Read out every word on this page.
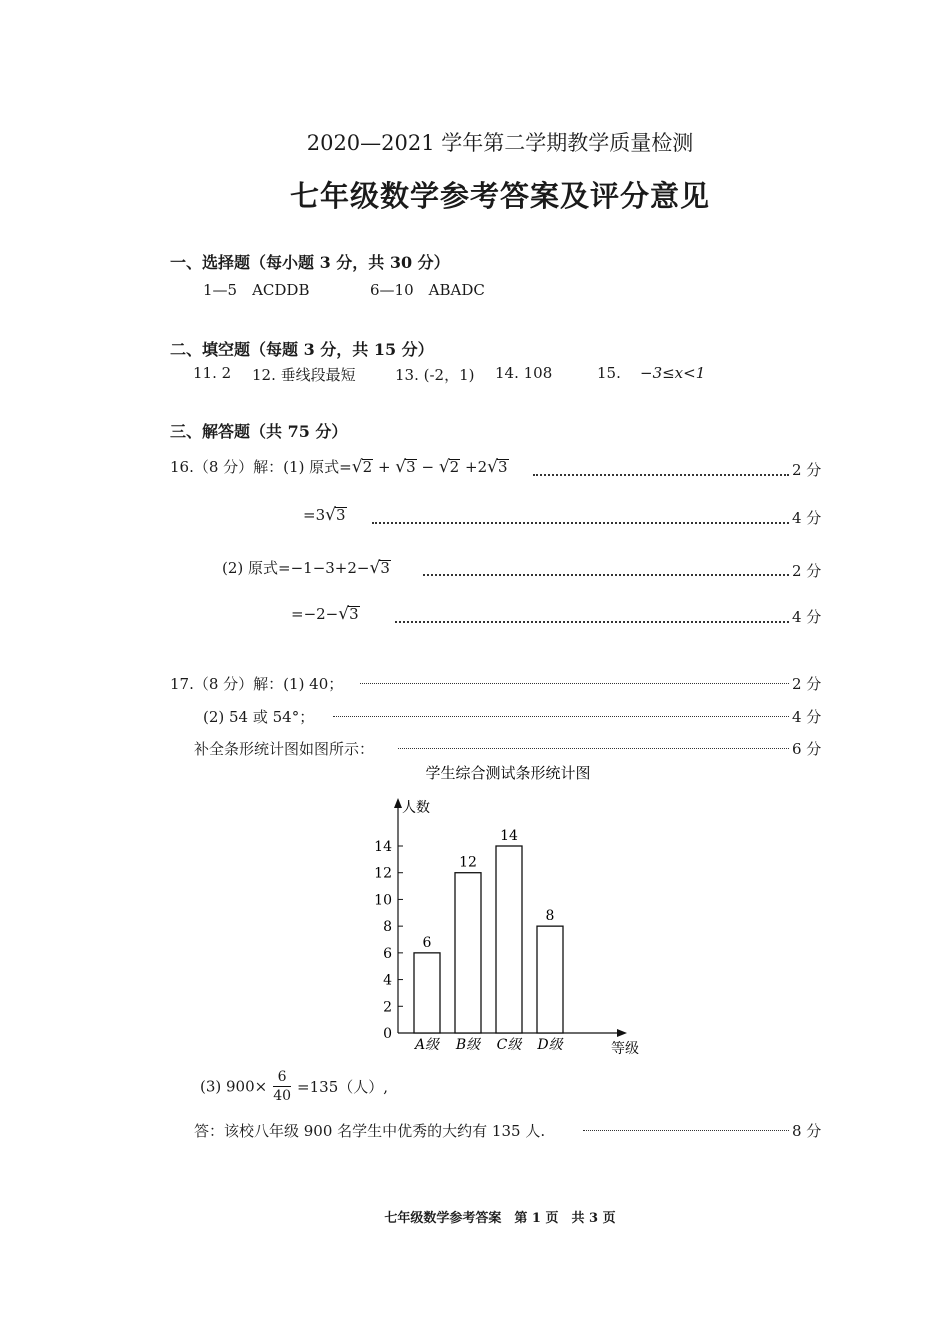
2020—2021 学年第二学期教学质量检测
七年级数学参考答案及评分意见
一、选择题（每小题 3 分，共 30 分）
1—5　ACDDB	6—10　ABADC
二、填空题（每题 3 分，共 15 分）
11. 2 12. 垂线段最短	13. (-2，1) 14. 108	15. −3≤x<1
三、解答题（共 75 分）
16.（8 分）解：(1) 原式=√2 + √3 − √2 +2√3	2 分
=3√3	4 分
(2) 原式=−1−3+2−√3	2 分
=−2−√3	4 分
17.（8 分）解：(1) 40；	2 分
(2) 54 或 54°；	4 分
补全条形统计图如图所示：	6 分
学生综合测试条形统计图
人数
等级
0
2
4
6
8
10
12
14
6
A级
12
B级
14
C级
8
D级
(3) $900\times \frac{6}{40} =135$（人）,
答：该校八年级 900 名学生中优秀的大约有 135 人.	8 分
七年级数学参考答案　第 1 页　共 3 页
